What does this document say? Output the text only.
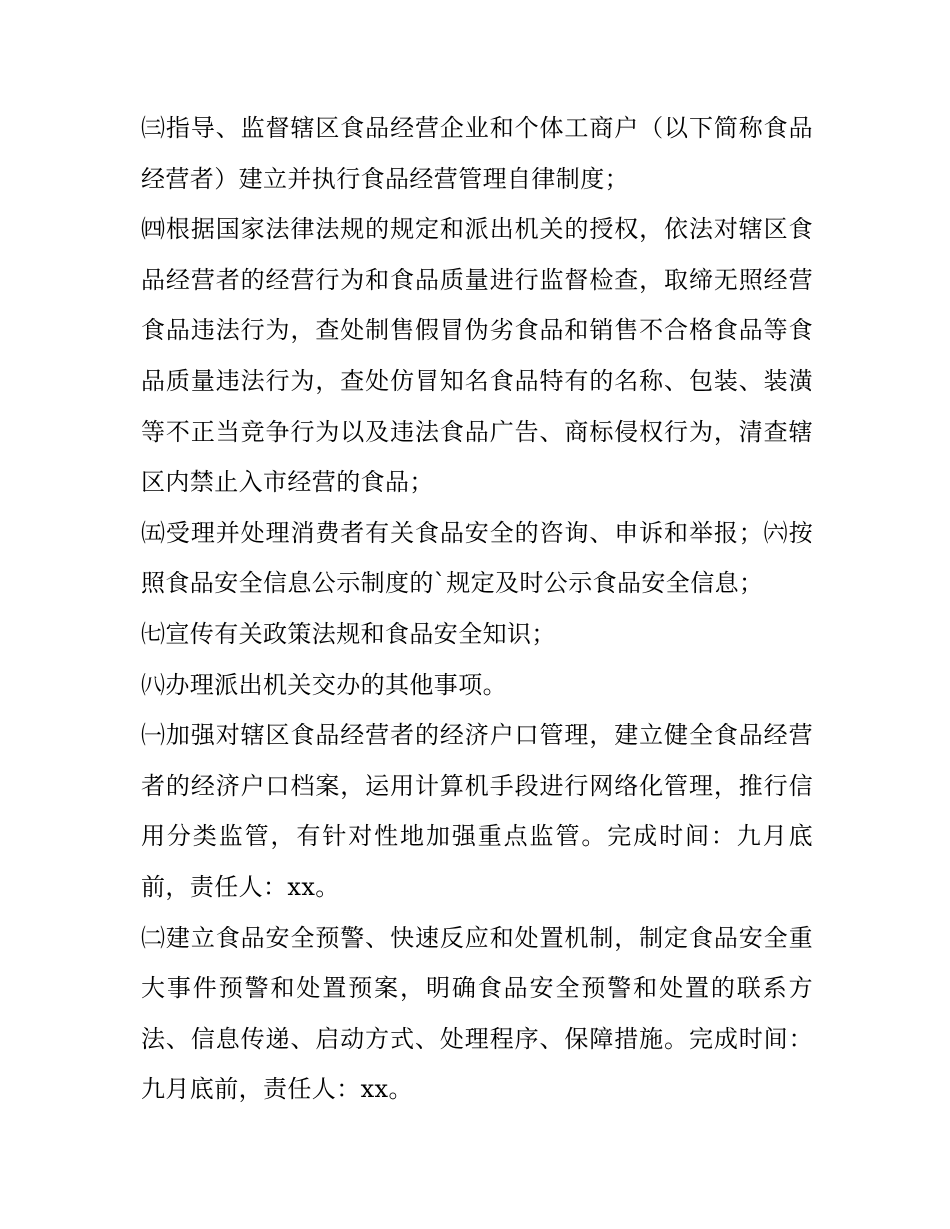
㈢指导、监督辖区食品经营企业和个体工商户（以下简称食品经营者）建立并执行食品经营管理自律制度；

㈣根据国家法律法规的规定和派出机关的授权，依法对辖区食品经营者的经营行为和食品质量进行监督检查，取缔无照经营食品违法行为，查处制售假冒伪劣食品和销售不合格食品等食品质量违法行为，查处仿冒知名食品特有的名称、包装、装潢等不正当竞争行为以及违法食品广告、商标侵权行为，清查辖区内禁止入市经营的食品；

㈤受理并处理消费者有关食品安全的咨询、申诉和举报；㈥按照食品安全信息公示制度的`规定及时公示食品安全信息；

㈦宣传有关政策法规和食品安全知识；

㈧办理派出机关交办的其他事项。

㈠加强对辖区食品经营者的经济户口管理，建立健全食品经营者的经济户口档案，运用计算机手段进行网络化管理，推行信用分类监管，有针对性地加强重点监管。完成时间：九月底前，责任人：xx。

㈡建立食品安全预警、快速反应和处置机制，制定食品安全重大事件预警和处置预案，明确食品安全预警和处置的联系方法、信息传递、启动方式、处理程序、保障措施。完成时间：九月底前，责任人：xx。
